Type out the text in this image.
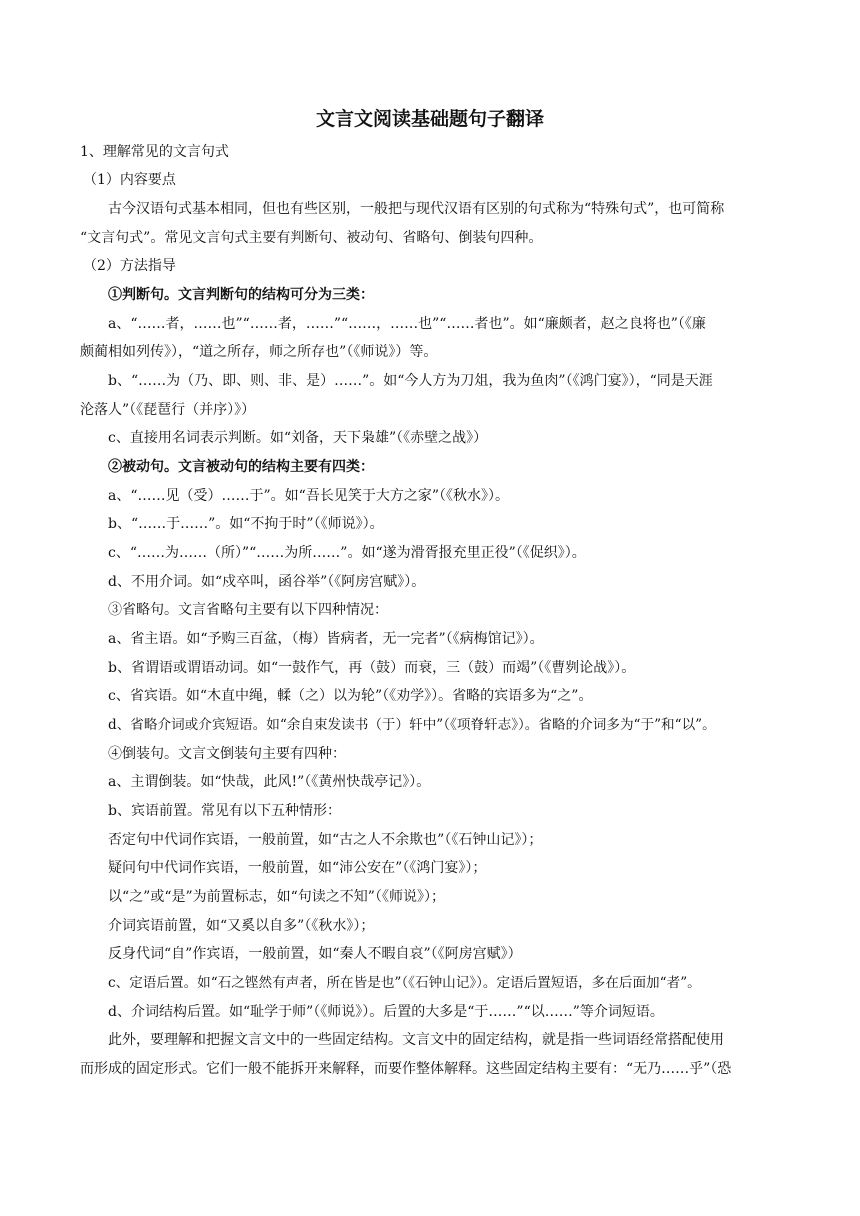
文言文阅读基础题句子翻译
1、理解常见的文言句式
（1）内容要点
古今汉语句式基本相同，但也有些区别，一般把与现代汉语有区别的句式称为“特殊句式”，也可简称
“文言句式”。常见文言句式主要有判断句、被动句、省略句、倒装句四种。
（2）方法指导
①判断句。文言判断句的结构可分为三类：
a、“……者，……也”“……者，……”“……，……也”“……者也”。如“廉颇者，赵之良将也”（《廉
颇蔺相如列传》），“道之所存，师之所存也”（《师说》）等。
b、“……为（乃、即、则、非、是）……”。如“今人方为刀俎，我为鱼肉”（《鸿门宴》），“同是天涯
沦落人”（《琵琶行（并序）》）
c、直接用名词表示判断。如“刘备，天下枭雄”（《赤壁之战》）
②被动句。文言被动句的结构主要有四类：
a、“……见（受）……于”。如“吾长见笑于大方之家”（《秋水》）。
b、“……于……”。如“不拘于时”（《师说》）。
c、“……为……（所）”“……为所……”。如“遂为滑胥报充里正役”（《促织》）。
d、不用介词。如“戍卒叫，函谷举”（《阿房宫赋》）。
③省略句。文言省略句主要有以下四种情况：
a、省主语。如“予购三百盆，（梅）皆病者，无一完者”（《病梅馆记》）。
b、省谓语或谓语动词。如“一鼓作气，再（鼓）而衰，三（鼓）而竭”（《曹刿论战》）。
c、省宾语。如“木直中绳，輮（之）以为轮”（《劝学》）。省略的宾语多为“之”。
d、省略介词或介宾短语。如“余自束发读书（于）轩中”（《项脊轩志》）。省略的介词多为“于”和“以”。
④倒装句。文言文倒装句主要有四种：
a、主谓倒装。如“快哉，此风!”（《黄州快哉亭记》）。
b、宾语前置。常见有以下五种情形：
否定句中代词作宾语，一般前置，如“古之人不余欺也”（《石钟山记》）；
疑问句中代词作宾语，一般前置，如“沛公安在”（《鸿门宴》）；
以“之”或“是”为前置标志，如“句读之不知”（《师说》）；
介词宾语前置，如“又奚以自多”（《秋水》）；
反身代词“自”作宾语，一般前置，如“秦人不暇自哀”（《阿房宫赋》）
c、定语后置。如“石之铿然有声者，所在皆是也”（《石钟山记》）。定语后置短语，多在后面加“者”。
d、介词结构后置。如“耻学于师”（《师说》）。后置的大多是“于……”“以……”等介词短语。
此外，要理解和把握文言文中的一些固定结构。文言文中的固定结构，就是指一些词语经常搭配使用
而形成的固定形式。它们一般不能拆开来解释，而要作整体解释。这些固定结构主要有：“无乃……乎”（恐
